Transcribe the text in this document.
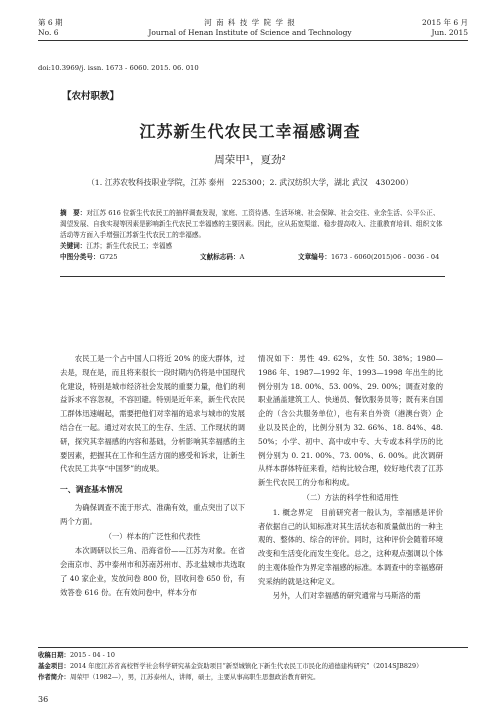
第 6 期
No. 6
河 南 科 技 学 院 学 报
Journal of Henan Institute of Science and Technology
2015 年 6 月
Jun. 2015
doi:10.3969/j. issn. 1673 - 6060. 2015. 06. 010
【农村职教】
江苏新生代农民工幸福感调查
周荣甲¹，夏劲²
（1. 江苏农牧科技职业学院，江苏 泰州　225300；2. 武汉纺织大学，湖北 武汉　430200）
摘　要：对江苏 616 位新生代农民工的抽样调查发现，家庭、工资待遇、生活环境、社会保障、社会交往、业余生活、公平公正、渴望发展、自我实现等因素是影响新生代农民工幸福感的主要因素。因此，应从拓宽渠道、稳步提高收入、注重教育培训、组织文体活动等方面入手增强江苏新生代农民工的幸福感。
关键词：江苏；新生代农民工；幸福感
中图分类号：G725	文献标志码：A	文章编号：1673 - 6060(2015)06 - 0036 - 04

农民工是一个占中国人口将近 20% 的庞大群体，过去是，现在是，而且将来很长一段时期内仍将是中国现代化建设，特别是城市经济社会发展的重要力量，他们的利益诉求不容忽视，不容回避。特别是近年来，新生代农民工群体迅速崛起，需要把他们对幸福的追求与城市的发展结合在一起。通过对农民工的生存、生活、工作现状的调研，探究其幸福感的内容和基础，分析影响其幸福感的主要因素，把握其在工作和生活方面的感受和诉求，让新生代农民工共享“中国梦”的成果。

一、调查基本情况

为确保调查不流于形式、准确有效，重点突出了以下两个方面。

（一）样本的广泛性和代表性

本次调研以长三角、沿海省份——江苏为对象。在省会南京市、苏中泰州市和苏南苏州市、苏北盐城市共选取了 40 家企业，发放问卷 800 份，回收问卷 650 份，有效答卷 616 份。在有效问卷中，样本分布

情况如下：男性 49. 62%，女性 50. 38%；1980—1986 年、1987—1992 年、1993—1998 年出生的比例分别为 18. 00%、53. 00%、29. 00%；调查对象的职业涵盖建筑工人、快递员、餐饮服务员等；既有来自国企的（含公共服务单位），也有来自外资（港澳台资）企业以及民企的，比例分别为 32. 66%、18. 84%、48. 50%；小学、初中、高中或中专、大专或本科学历的比例分别为 0. 21. 00%、73. 00%、6. 00%。此次调研从样本群体特征来看，结构比较合理，较好地代表了江苏新生代农民工的分布和构成。

（二）方法的科学性和适用性

1. 概念界定　目前研究者一般认为，幸福感是评价者依据自己的认知标准对其生活状态和质量做出的一种主观的、整体的、综合的评价。同时，这种评价会随着环境改变和生活变化而发生变化。总之，这种观点强调以个体的主观体验作为界定幸福感的标准。本调查中的幸福感研究采纳的就是这种定义。

另外，人们对幸福感的研究通常与马斯洛的需

收稿日期：2015 - 04 - 10
基金项目：2014 年度江苏省高校哲学社会科学研究基金资助项目“新型城镇化下新生代农民工市民化的道德建构研究”（2014SJB829）
作者简介：周荣甲（1982—），男，江苏泰州人，讲师，硕士，主要从事高职生思想政治教育研究。
36
